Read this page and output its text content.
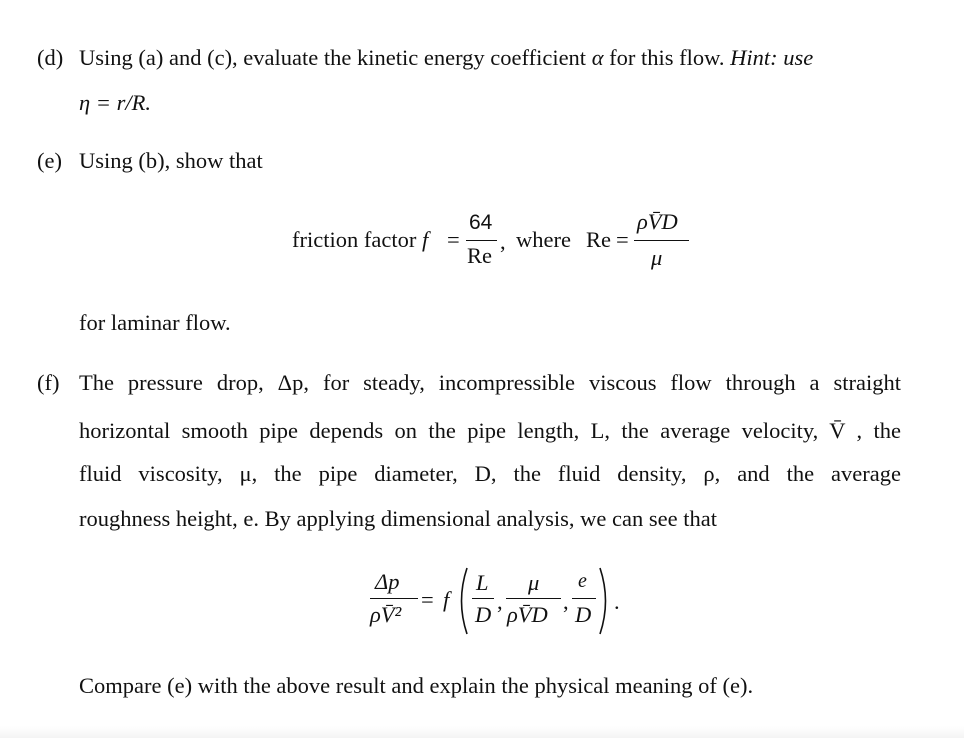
(d) Using (a) and (c), evaluate the kinetic energy coefficient α for this flow. Hint: use
η = r/R.
(e) Using (b), show that
friction factor f =
64
Re
, where Re =
ρV̄D
μ
for laminar flow.
(f) The pressure drop, Δp, for steady, incompressible viscous flow through a straight
horizontal smooth pipe depends on the pipe length, L, the average velocity, V̄ , the
fluid viscosity, μ, the pipe diameter, D, the fluid density, ρ, and the average
roughness height, e. By applying dimensional analysis, we can see that
Δp
ρV̄²
= f
L
D
,
μ
ρV̄D
,
e
D
.
Compare (e) with the above result and explain the physical meaning of (e).
